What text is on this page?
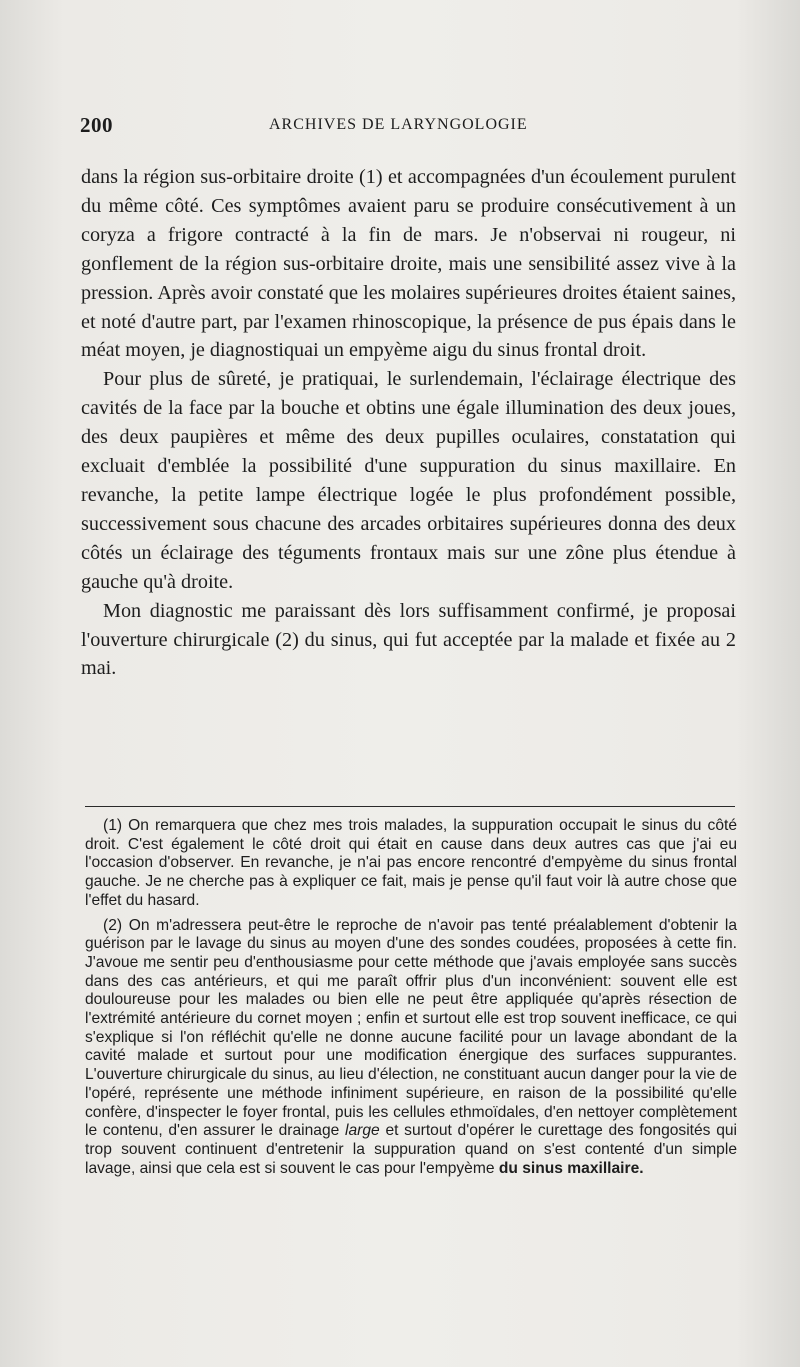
200	ARCHIVES DE LARYNGOLOGIE

dans la région sus-orbitaire droite (1) et accompagnées d'un écoulement purulent du même côté. Ces symptômes avaient paru se produire consécutivement à un coryza a frigore contracté à la fin de mars. Je n'observai ni rougeur, ni gonflement de la région sus-orbitaire droite, mais une sensibilité assez vive à la pression. Après avoir constaté que les molaires supérieures droites étaient saines, et noté d'autre part, par l'examen rhinoscopique, la présence de pus épais dans le méat moyen, je diagnostiquai un empyème aigu du sinus frontal droit.

Pour plus de sûreté, je pratiquai, le surlendemain, l'éclairage électrique des cavités de la face par la bouche et obtins une égale illumination des deux joues, des deux paupières et même des deux pupilles oculaires, constatation qui excluait d'emblée la possibilité d'une suppuration du sinus maxillaire. En revanche, la petite lampe électrique logée le plus profondément possible, successivement sous chacune des arcades orbitaires supérieures donna des deux côtés un éclairage des téguments frontaux mais sur une zône plus étendue à gauche qu'à droite.

Mon diagnostic me paraissant dès lors suffisamment confirmé, je proposai l'ouverture chirurgicale (2) du sinus, qui fut acceptée par la malade et fixée au 2 mai.

(1) On remarquera que chez mes trois malades, la suppuration occupait le sinus du côté droit. C'est également le côté droit qui était en cause dans deux autres cas que j'ai eu l'occasion d'observer. En revanche, je n'ai pas encore rencontré d'empyème du sinus frontal gauche. Je ne cherche pas à expliquer ce fait, mais je pense qu'il faut voir là autre chose que l'effet du hasard.

(2) On m'adressera peut-être le reproche de n'avoir pas tenté préalablement d'obtenir la guérison par le lavage du sinus au moyen d'une des sondes coudées, proposées à cette fin. J'avoue me sentir peu d'enthousiasme pour cette méthode que j'avais employée sans succès dans des cas antérieurs, et qui me paraît offrir plus d'un inconvénient: souvent elle est douloureuse pour les malades ou bien elle ne peut être appliquée qu'après résection de l'extrémité antérieure du cornet moyen ; enfin et surtout elle est trop souvent inefficace, ce qui s'explique si l'on réfléchit qu'elle ne donne aucune facilité pour un lavage abondant de la cavité malade et surtout pour une modification énergique des surfaces suppurantes. L'ouverture chirurgicale du sinus, au lieu d'élection, ne constituant aucun danger pour la vie de l'opéré, représente une méthode infiniment supérieure, en raison de la possibilité qu'elle confère, d'inspecter le foyer frontal, puis les cellules ethmoïdales, d'en nettoyer complètement le contenu, d'en assurer le drainage large et surtout d'opérer le curettage des fongosités qui trop souvent continuent d'entretenir la suppuration quand on s'est contenté d'un simple lavage, ainsi que cela est si souvent le cas pour l'empyème du sinus maxillaire.
